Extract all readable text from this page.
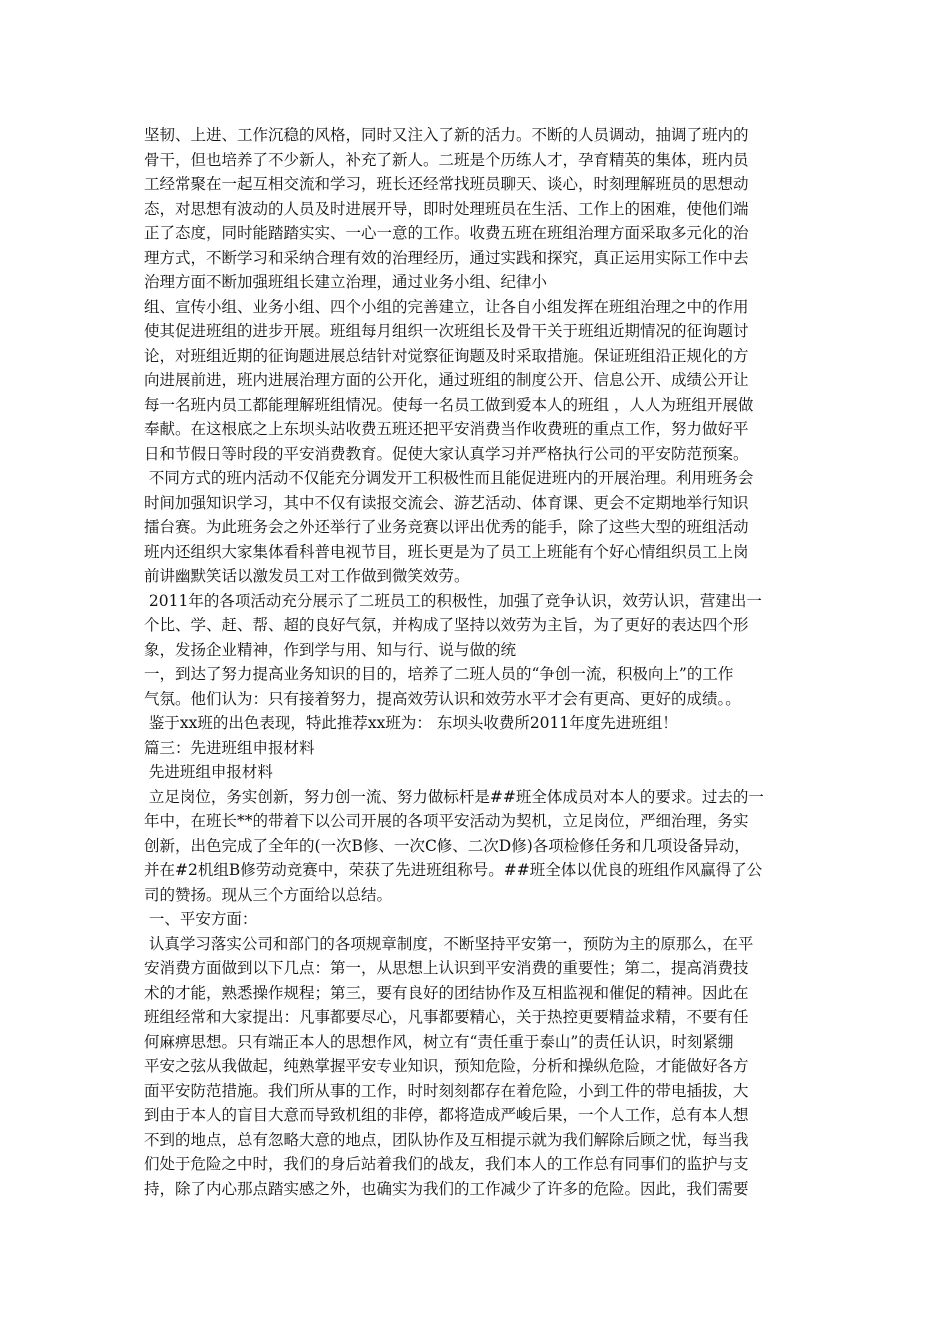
坚韧、上进、工作沉稳的风格，同时又注入了新的活力。不断的人员调动，抽调了班内的
骨干，但也培养了不少新人，补充了新人。二班是个历练人才，孕育精英的集体，班内员
工经常聚在一起互相交流和学习，班长还经常找班员聊天、谈心，时刻理解班员的思想动
态，对思想有波动的人员及时进展开导，即时处理班员在生活、工作上的困难，使他们端
正了态度，同时能踏踏实实、一心一意的工作。收费五班在班组治理方面采取多元化的治
理方式，不断学习和采纳合理有效的治理经历，通过实践和探究，真正运用实际工作中去
治理方面不断加强班组长建立治理，通过业务小组、纪律小
组、宣传小组、业务小组、四个小组的完善建立，让各自小组发挥在班组治理之中的作用
使其促进班组的进步开展。班组每月组织一次班组长及骨干关于班组近期情况的征询题讨
论，对班组近期的征询题进展总结针对觉察征询题及时采取措施。保证班组沿正规化的方
向进展前进，班内进展治理方面的公开化，通过班组的制度公开、信息公开、成绩公开让
每一名班内员工都能理解班组情况。使每一名员工做到爱本人的班组 ，人人为班组开展做
奉献。在这根底之上东坝头站收费五班还把平安消费当作收费班的重点工作，努力做好平
日和节假日等时段的平安消费教育。促使大家认真学习并严格执行公司的平安防范预案。
不同方式的班内活动不仅能充分调发开工积极性而且能促进班内的开展治理。利用班务会
时间加强知识学习，其中不仅有读报交流会、游艺活动、体育课、更会不定期地举行知识
擂台赛。为此班务会之外还举行了业务竞赛以评出优秀的能手，除了这些大型的班组活动
班内还组织大家集体看科普电视节目，班长更是为了员工上班能有个好心情组织员工上岗
前讲幽默笑话以激发员工对工作做到微笑效劳。
2011年的各项活动充分展示了二班员工的积极性，加强了竞争认识，效劳认识，营建出一
个比、学、赶、帮、超的良好气氛，并构成了坚持以效劳为主旨，为了更好的表达四个形
象，发扬企业精神，作到学与用、知与行、说与做的统
一，到达了努力提高业务知识的目的，培养了二班人员的“争创一流，积极向上”的工作
气氛。他们认为：只有接着努力，提高效劳认识和效劳水平才会有更高、更好的成绩。。
鉴于xx班的出色表现，特此推荐xx班为： 东坝头收费所2011年度先进班组！
篇三：先进班组申报材料
先进班组申报材料
立足岗位，务实创新，努力创一流、努力做标杆是##班全体成员对本人的要求。过去的一
年中，在班长**的带着下以公司开展的各项平安活动为契机，立足岗位，严细治理，务实
创新，出色完成了全年的(一次B修、一次C修、二次D修)各项检修任务和几项设备异动，
并在#2机组B修劳动竞赛中，荣获了先进班组称号。##班全体以优良的班组作风赢得了公
司的赞扬。现从三个方面给以总结。
一、平安方面：
认真学习落实公司和部门的各项规章制度，不断坚持平安第一，预防为主的原那么，在平
安消费方面做到以下几点：第一，从思想上认识到平安消费的重要性；第二，提高消费技
术的才能，熟悉操作规程；第三，要有良好的团结协作及互相监视和催促的精神。因此在
班组经常和大家提出：凡事都要尽心，凡事都要精心，关于热控更要精益求精，不要有任
何麻痹思想。只有端正本人的思想作风，树立有“责任重于泰山”的责任认识，时刻紧绷
平安之弦从我做起，纯熟掌握平安专业知识，预知危险，分析和操纵危险，才能做好各方
面平安防范措施。我们所从事的工作，时时刻刻都存在着危险，小到工件的带电插拔，大
到由于本人的盲目大意而导致机组的非停，都将造成严峻后果，一个人工作，总有本人想
不到的地点，总有忽略大意的地点，团队协作及互相提示就为我们解除后顾之忧，每当我
们处于危险之中时，我们的身后站着我们的战友，我们本人的工作总有同事们的监护与支
持，除了内心那点踏实感之外，也确实为我们的工作减少了许多的危险。因此，我们需要
